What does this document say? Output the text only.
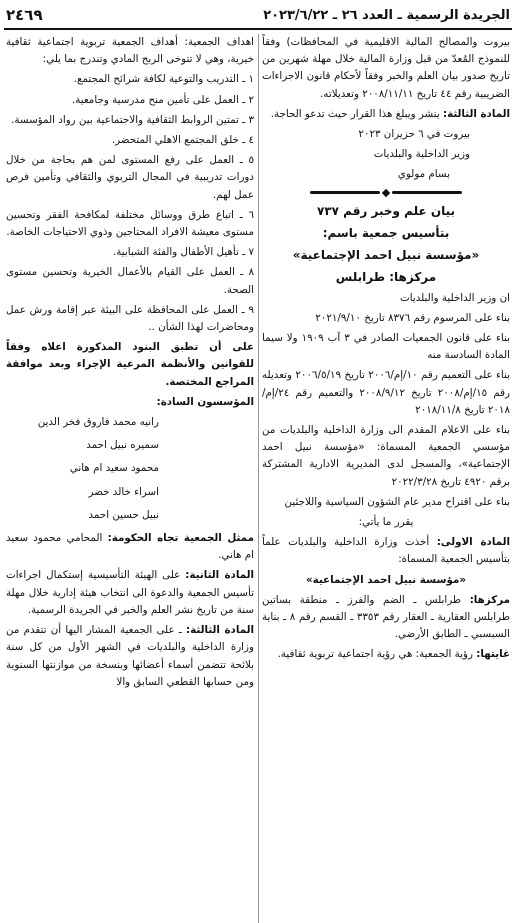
الجريدة الرسمية ـ العدد ٢٦ ـ ٢٠٢٣/٦/٢٢
٢٤٦٩

بيروت والمصالح المالية الاقليمية في المحافظات) وفقاً للنموذج المُعدّ من قبل وزارة المالية خلال مهلة شهرين من تاريخ صدور بيان العلم والخبر وفقاً لأحكام قانون الاجراءات الضريبية رقم ٤٤ تاريخ ٢٠٠٨/١١/١١ وتعديلاته.

المادة الثالثة: ينشر ويبلغ هذا القرار حيث تدعو الحاجة.

بيروت في ٦ حزيران ٢٠٢٣

وزير الداخلية والبلديات

بسام مولوي

بيان علم وخبر رقم ٧٣٧

بتأسيس جمعية باسم:

«مؤسسة نبيل احمد الإجتماعية»

مركزها: طرابلس

ان وزير الداخلية والبلديات

بناء على المرسوم رقم ٨٣٧٦ تاريخ ٢٠٢١/٩/١٠

بناء على قانون الجمعيات الصادر في ٣ آب ١٩٠٩ ولا سيما المادة السادسة منه

بناء على التعميم رقم ١٠/إم/٢٠٠٦ تاريخ ٢٠٠٦/٥/١٩ وتعديله رقم ١٥/إم/٢٠٠٨ تاريخ ٢٠٠٨/٩/١٢ والتعميم رقم ٢٤/إم/٢٠١٨ تاريخ ٢٠١٨/١١/٨

بناء على الاعلام المقدم الى وزارة الداخلية والبلديات من مؤسسي الجمعية المسماة: «مؤسسة نبيل احمد الإجتماعية»، والمسجل لدى المديرية الادارية المشتركة برقم ٤٩٢٠ تاريخ ٢٠٢٢/٣/٢٨

بناء على اقتراح مدير عام الشؤون السياسية واللاجئين

يقرر ما يأتي:

المادة الاولى: أخذت وزارة الداخلية والبلديات علماً بتأسيس الجمعية المسماة:

«مؤسسة نبيل احمد الإجتماعية»

مركزها: طرابلس ـ الضم والفرز ـ منطقة بساتين طرابلس العقارية ـ العقار رقم ٣٣٥٣ ـ القسم رقم ٨ ـ بناية السبسبي ـ الطابق الأرضي.

غايتها: رؤية الجمعية: هي رؤية اجتماعية تربوية ثقافية.

اهداف الجمعية: أهداف الجمعية تربوية اجتماعية ثقافية خيرية، وهي لا تتوخى الربح المادي وتندرج بما يلي:

١ ـ التدريب والتوعية لكافة شرائح المجتمع.

٢ ـ العمل على تأمين منح مدرسية وجامعية.

٣ ـ تمتين الروابط الثقافية والاجتماعية بين رواد المؤسسة.

٤ ـ خلق المجتمع الاهلي المتحضر.

٥ ـ العمل على رفع المستوى لمن هم بحاجة من خلال دورات تدريبية في المجال التربوي والثقافي وتأمين فرص عمل لهم.

٦ ـ اتباع طرق ووسائل مختلفة لمكافحة الفقر وتحسين مستوى معيشة الافراد المحتاجين وذوي الاحتياجات الخاصة.

٧ ـ تأهيل الأطفال والفئة الشبابية.

٨ ـ العمل على القيام بالأعمال الخيرية وتحسين مستوى الصحة.

٩ ـ العمل على المحافظة على البيئة عبر إقامة ورش عمل ومحاضرات لهذا الشأن ..

على أن تطبق البنود المذكورة اعلاه وفقاً للقوانين والأنظمة المرعية الإجراء وبعد موافقة المراجع المختصة.

المؤسسون السادة:

رانيه محمد فاروق فخر الدين

سميره نبيل احمد

محمود سعيد ام هاني

اسراء خالد خضر

نبيل حسين احمد

ممثل الجمعية تجاه الحكومة: المحامي محمود سعيد ام هاني.

المادة الثانية: على الهيئة التأسيسية إستكمال اجراءات تأسيس الجمعية والدعوة الى انتخاب هيئة إدارية خلال مهلة سنة من تاريخ نشر العلم والخبر في الجريدة الرسمية.

المادة الثالثة: ـ على الجمعية المشار اليها أن تتقدم من وزارة الداخلية والبلديات في الشهر الأول من كل سنة بلائحة تتضمن أسماء أعضائها وبنسخة من موازنتها السنوية ومن حسابها القطعي السابق والا
